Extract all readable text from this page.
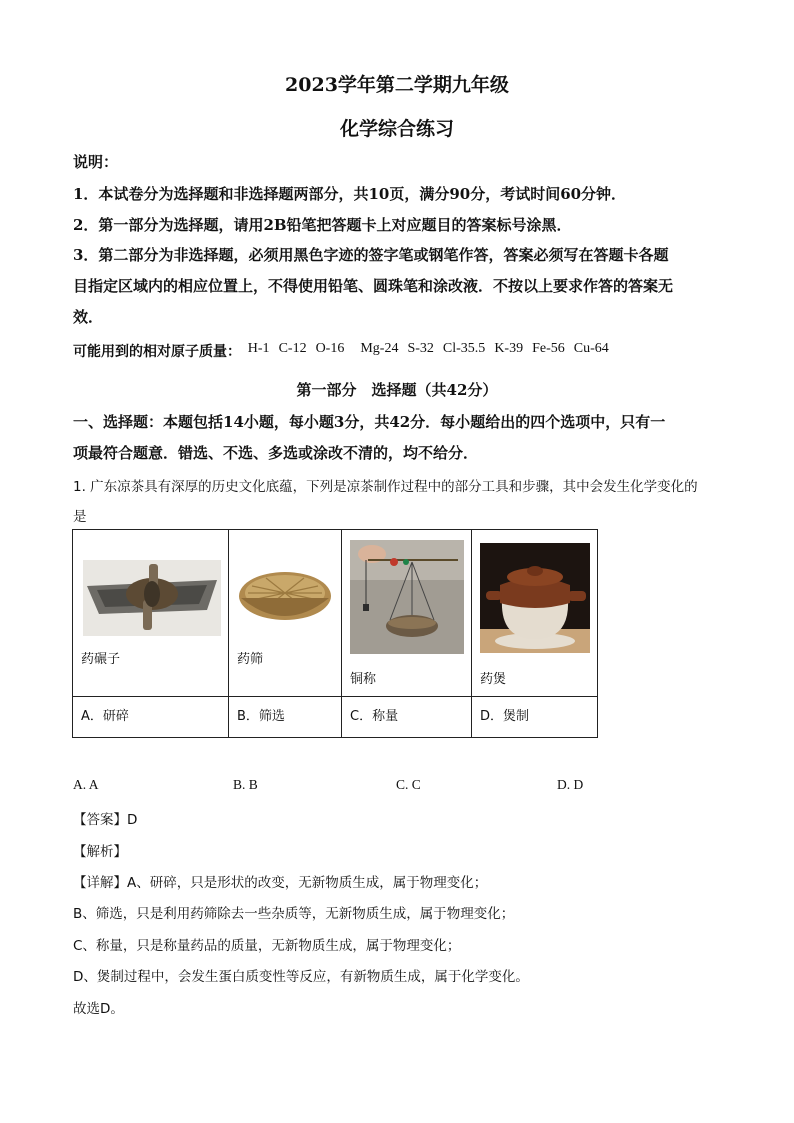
2023学年第二学期九年级
化学综合练习
说明：
1．本试卷分为选择题和非选择题两部分，共10页，满分90分，考试时间60分钟．
2．第一部分为选择题，请用2B铅笔把答题卡上对应题目的答案标号涂黑．
3．第二部分为非选择题，必须用黑色字迹的签字笔或钢笔作答，答案必须写在答题卡各题
目指定区域内的相应位置上，不得使用铅笔、圆珠笔和涂改液．不按以上要求作答的答案无
效．
可能用到的相对原子质量： H-1 C-12 O-16 Mg-24 S-32 Cl-35.5 K-39 Fe-56 Cu-64
第一部分　选择题（共42分）
一、选择题：本题包括14小题，每小题3分，共42分．每小题给出的四个选项中，只有一
项最符合题意．错选、不选、多选或涂改不清的，均不给分．
1. 广东凉茶具有深厚的历史文化底蕴，下列是凉茶制作过程中的部分工具和步骤，其中会发生化学变化的
是
药碾子	药筛	铜称	药煲

A．研碎	B．筛选	C．称量	D．煲制
A. A	B. B	C. C	D. D
【答案】D
【解析】
【详解】A、研碎，只是形状的改变，无新物质生成，属于物理变化；
B、筛选，只是利用药筛除去一些杂质等，无新物质生成，属于物理变化；
C、称量，只是称量药品的质量，无新物质生成，属于物理变化；
D、煲制过程中，会发生蛋白质变性等反应，有新物质生成，属于化学变化。
故选D。
